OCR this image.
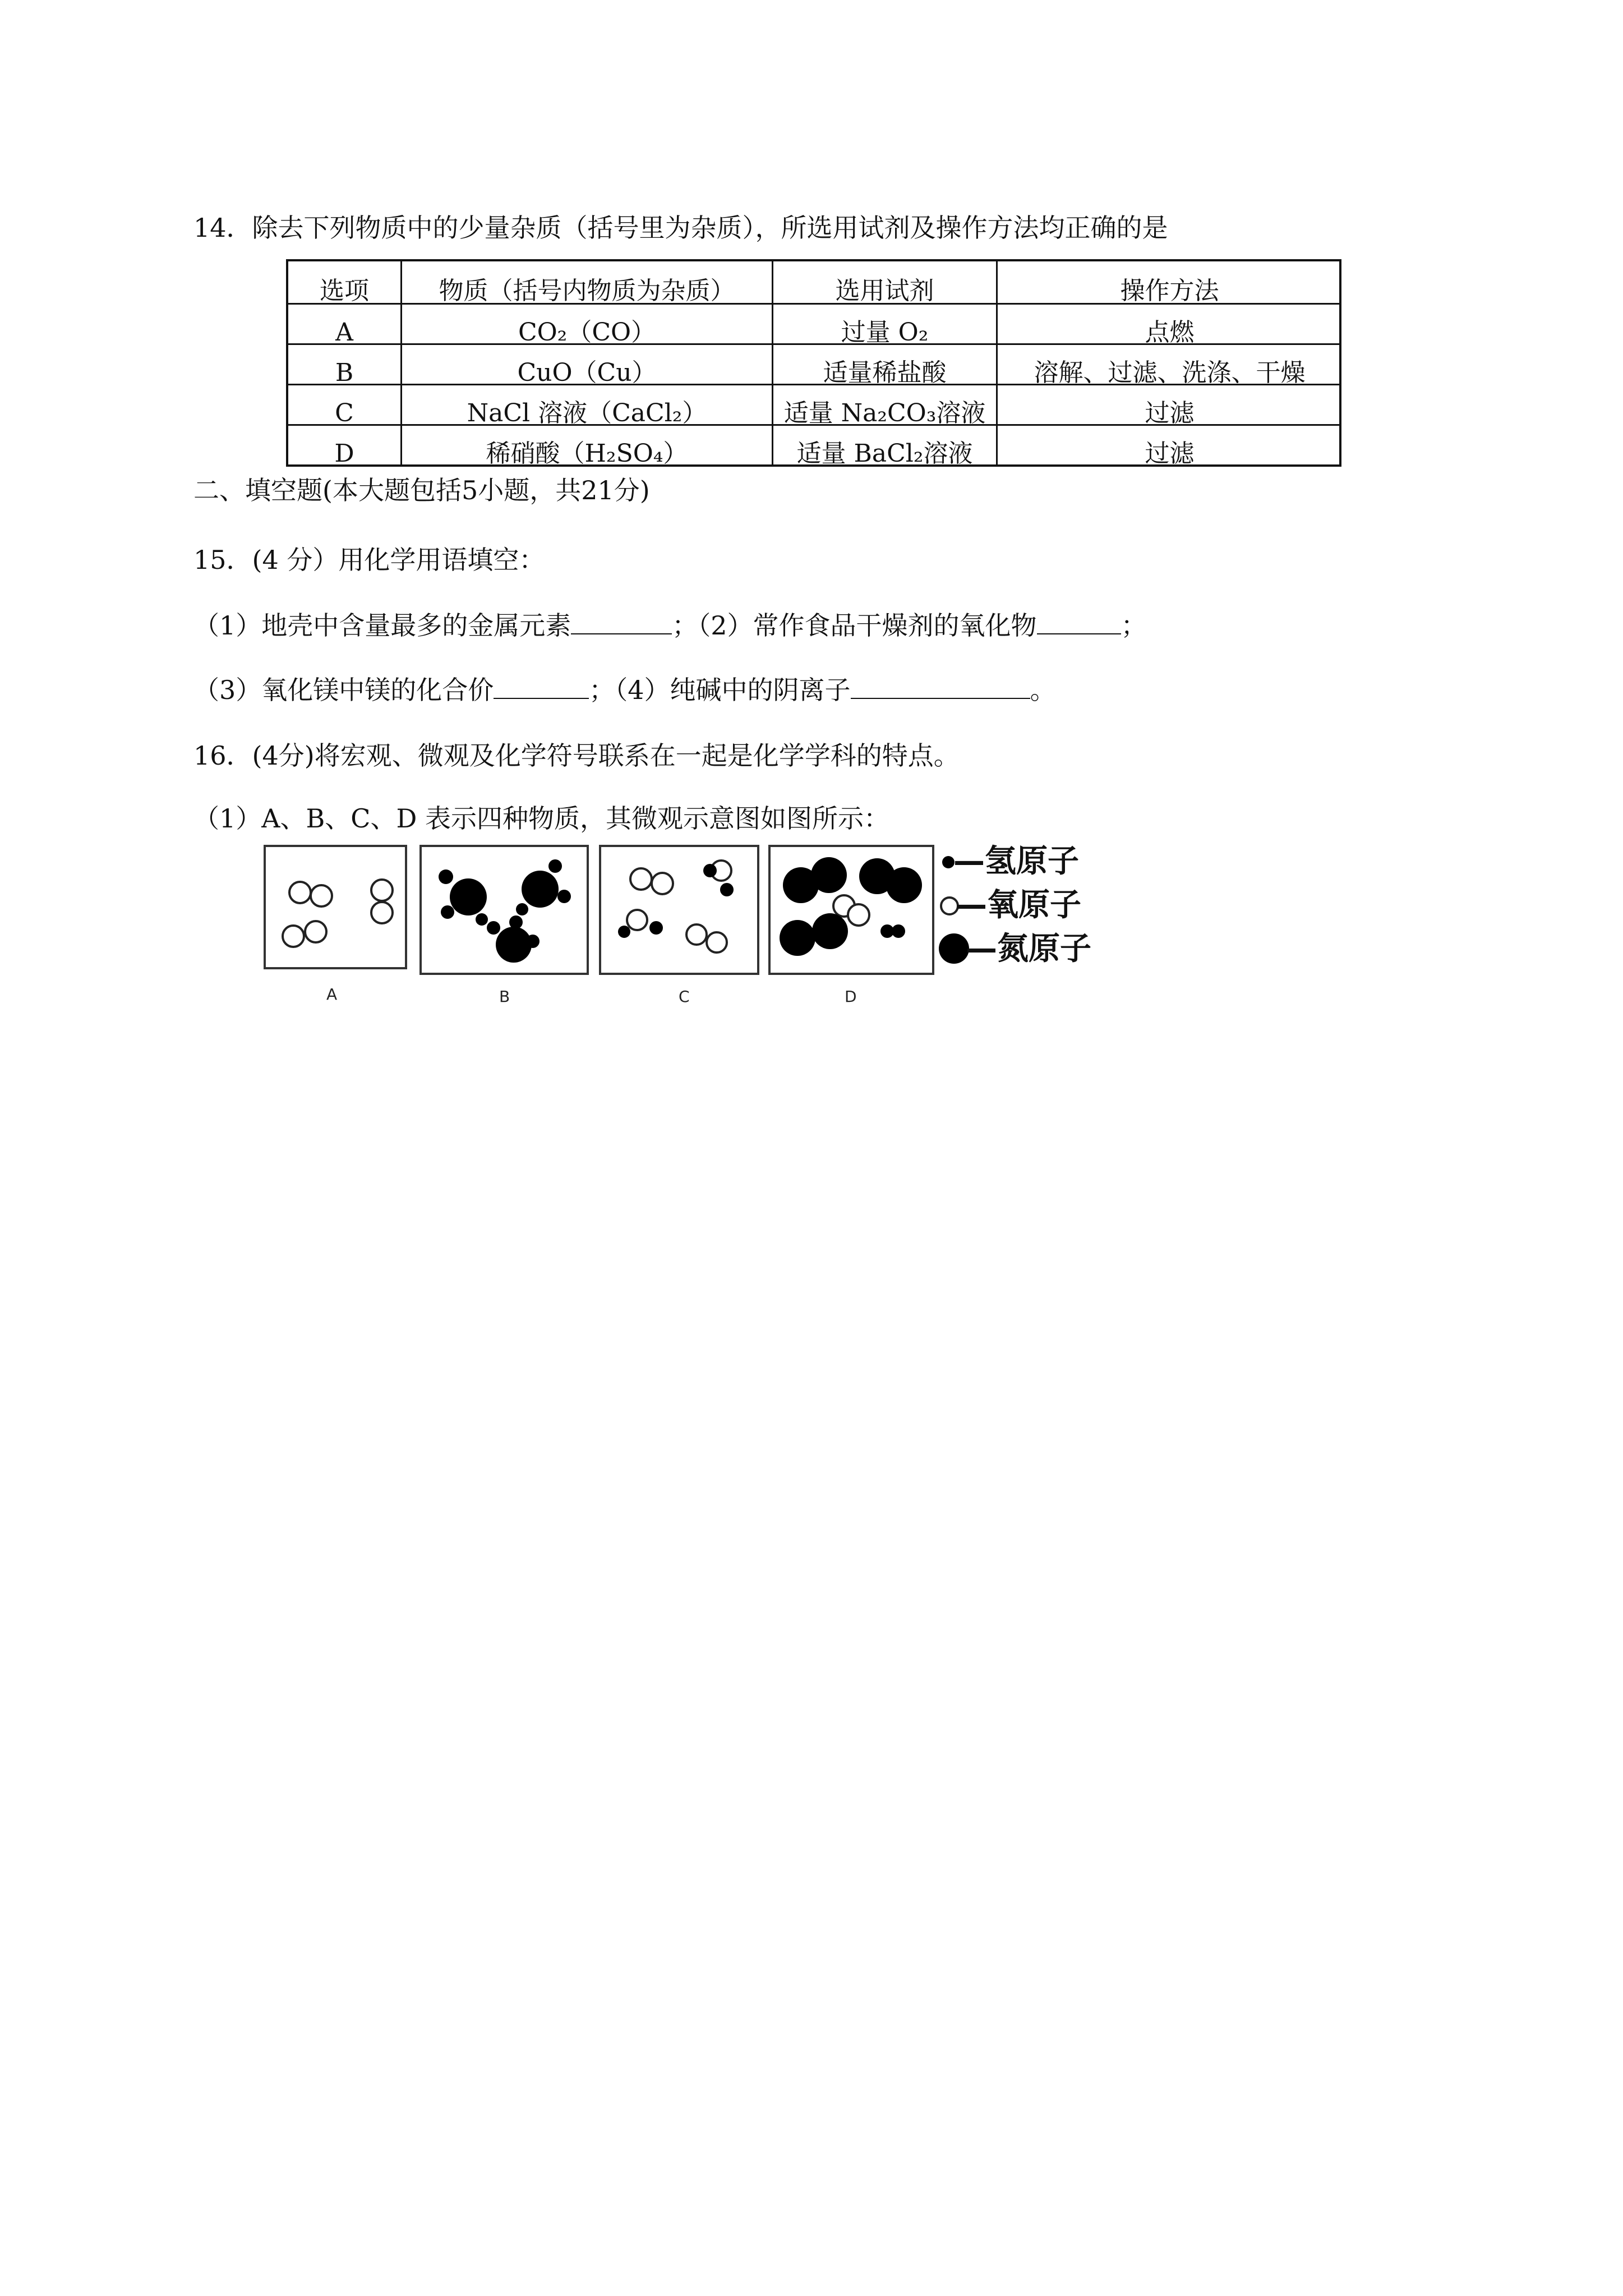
14．除去下列物质中的少量杂质（括号里为杂质），所选用试剂及操作方法均正确的是
选项	物质（括号内物质为杂质）	选用试剂	操作方法
A	CO₂（CO）	过量 O₂	点燃
B	CuO（Cu）	适量稀盐酸	溶解、过滤、洗涤、干燥
C	NaCl 溶液（CaCl₂）	适量 Na₂CO₃溶液	过滤
D	稀硝酸（H₂SO₄）	适量 BaCl₂溶液	过滤
二、填空题(本大题包括5小题，共21分)
15．(4 分）用化学用语填空：
（1）地壳中含量最多的金属元素	；（2）常作食品干燥剂的氧化物	；
（3）氧化镁中镁的化合价	；（4）纯碱中的阴离子	。
16．(4分)将宏观、微观及化学符号联系在一起是化学学科的特点。
（1）A、B、C、D 表示四种物质，其微观示意图如图所示：
A	B	C	D
—氢原子
—氧原子
—氮原子
